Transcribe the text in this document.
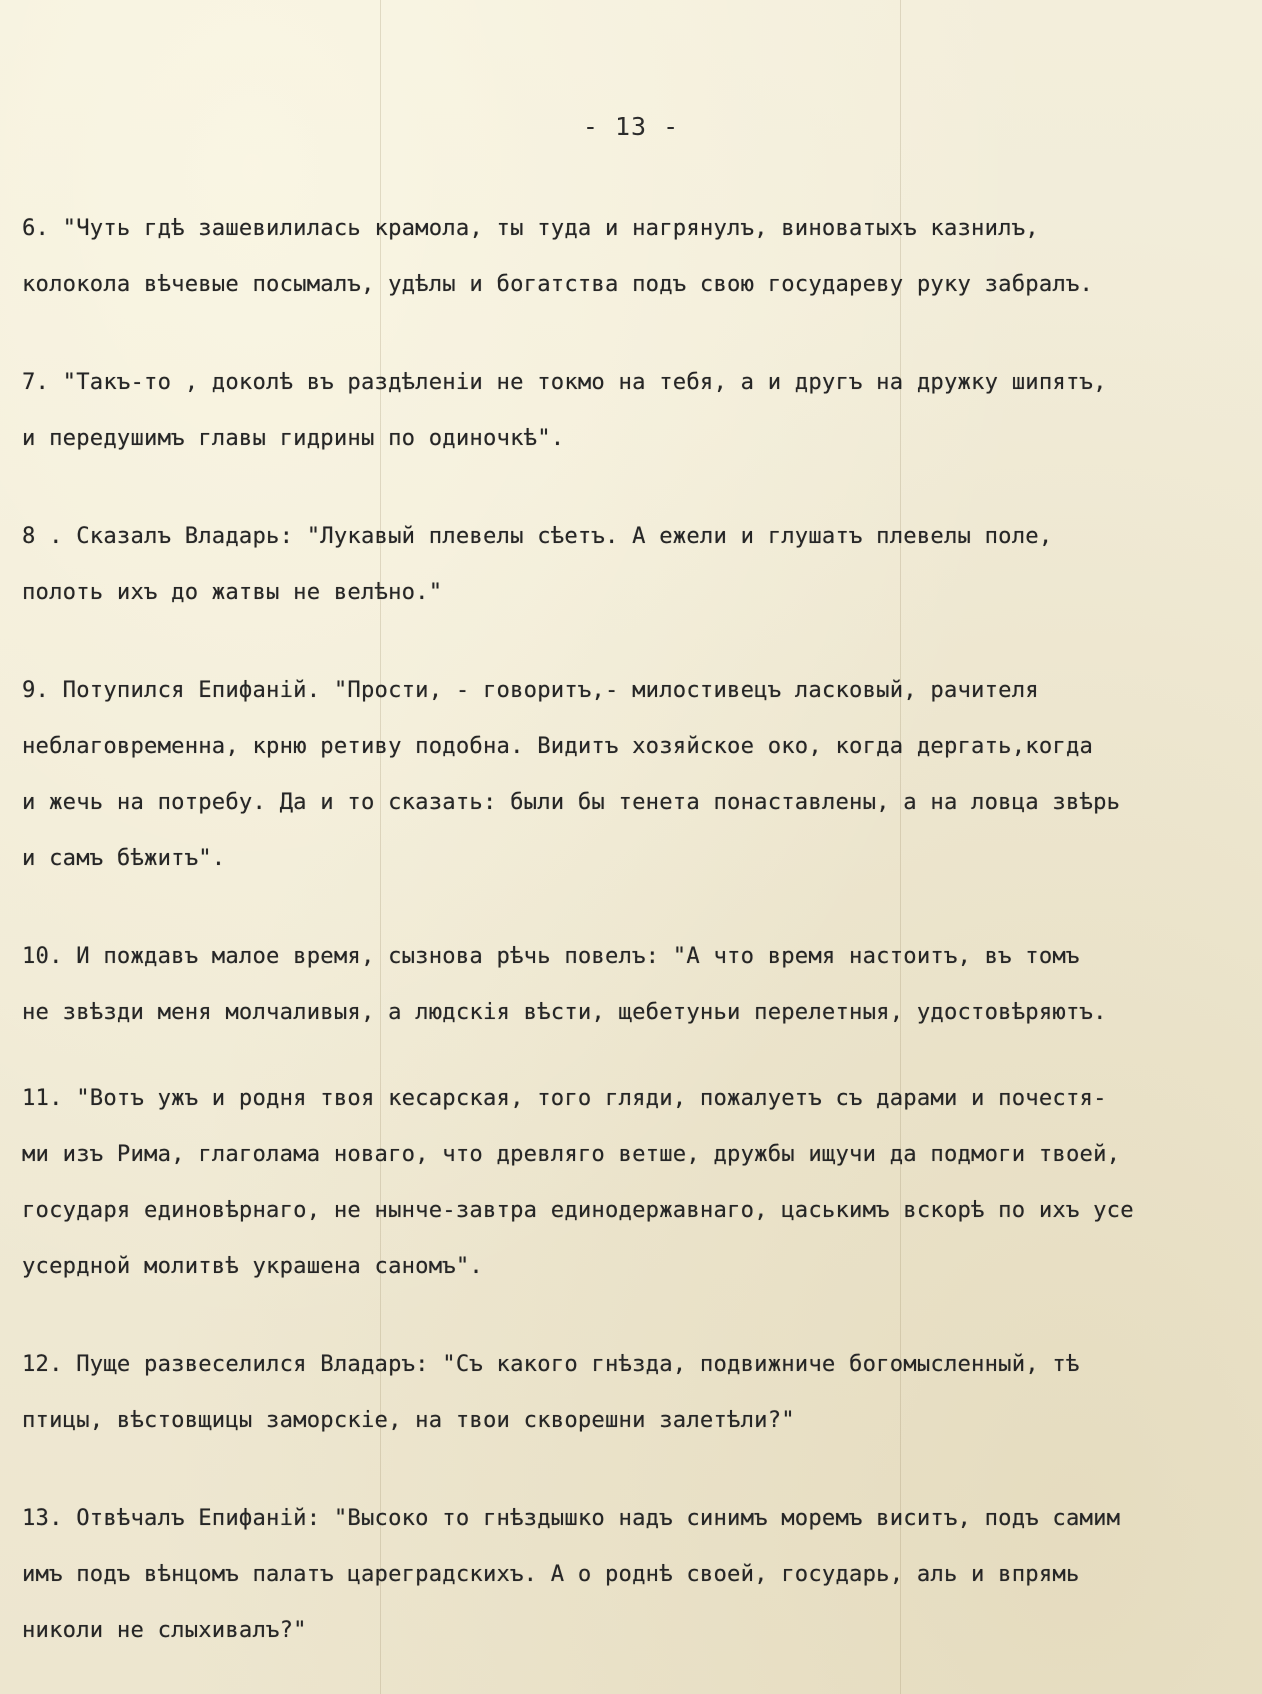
- 13 -
6. "Чуть гдѣ зашевилилась крамола, ты туда и нагрянулъ, виноватыхъ казнилъ,
колокола вѣчевые посымалъ, удѣлы и богатства подъ свою государеву руку забралъ.
7. "Такъ-то , доколѣ въ раздѣленіи не токмо на тебя, а и другъ на дружку шипятъ,
и передушимъ главы гидрины по одиночкѣ".
8 . Сказалъ Владарь: "Лукавый плевелы сѣетъ. А ежели и глушатъ плевелы поле,
полоть ихъ до жатвы не велѣно."
9. Потупился Епифаній. "Прости, - говоритъ,- милостивецъ ласковый, рачителя
неблаговременна, крню ретиву подобна. Видитъ хозяйское око, когда дергать,когда
и жечь на потребу. Да и то сказать: были бы тенета понаставлены, а на ловца звѣрь
и самъ бѣжитъ".
10. И пождавъ малое время, сызнова рѣчь повелъ: "А что время настоитъ, въ томъ
не звѣзди меня молчаливыя, а людскія вѣсти, щебетуньи перелетныя, удостовѣряютъ.
11. "Вотъ ужъ и родня твоя кесарская, того гляди, пожалуетъ съ дарами и почестя-
ми изъ Рима, глаголама новаго, что древляго ветше, дружбы ищучи да подмоги твоей,
государя единовѣрнаго, не нынче-завтра единодержавнаго, цаськимъ вскорѣ по ихъ усе
усердной молитвѣ украшена саномъ".
12. Пуще развеселился Владаръ: "Съ какого гнѣзда, подвижниче богомысленный, тѣ
птицы, вѣстовщицы заморскіе, на твои скворешни залетѣли?"
13. Отвѣчалъ Епифаній: "Высоко то гнѣздышко надъ синимъ моремъ виситъ, подъ самим
имъ подъ вѣнцомъ палатъ цареградскихъ. А о роднѣ своей, государь, аль и впрямь
николи не слыхивалъ?"
